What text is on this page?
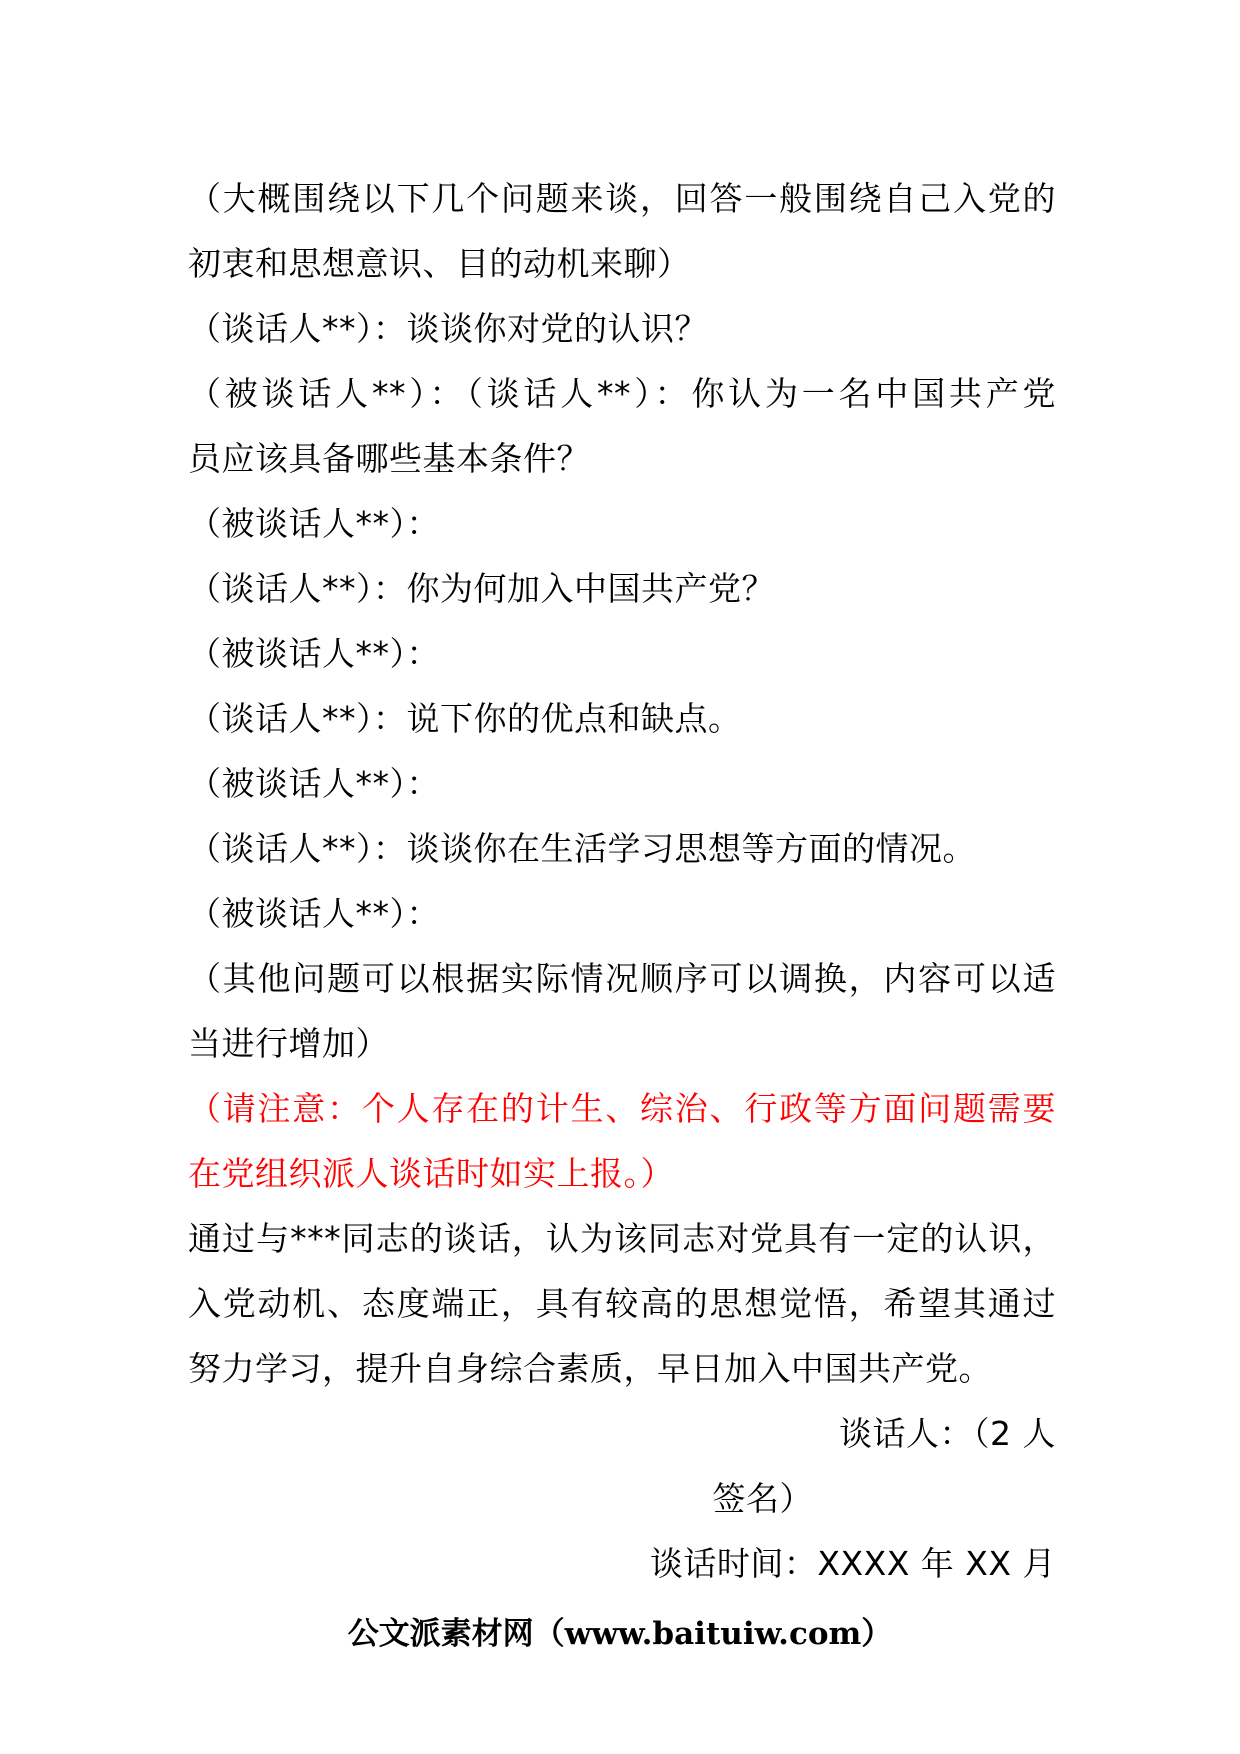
（大概围绕以下几个问题来谈，回答一般围绕自己入党的
初衷和思想意识、目的动机来聊）
（谈话人**）：谈谈你对党的认识？
（被谈话人**）：（谈话人**）：你认为一名中国共产党
员应该具备哪些基本条件？
（被谈话人**）：
（谈话人**）：你为何加入中国共产党？
（被谈话人**）：
（谈话人**）：说下你的优点和缺点。
（被谈话人**）：
（谈话人**）：谈谈你在生活学习思想等方面的情况。
（被谈话人**）：
（其他问题可以根据实际情况顺序可以调换，内容可以适
当进行增加）
（请注意：个人存在的计生、综治、行政等方面问题需要
在党组织派人谈话时如实上报。）
通过与***同志的谈话，认为该同志对党具有一定的认识，
入党动机、态度端正，具有较高的思想觉悟，希望其通过
努力学习，提升自身综合素质，早日加入中国共产党。
谈话人：（2 人
签名）
谈话时间：XXXX 年 XX 月
公文派素材网（www.baituiw.com）
